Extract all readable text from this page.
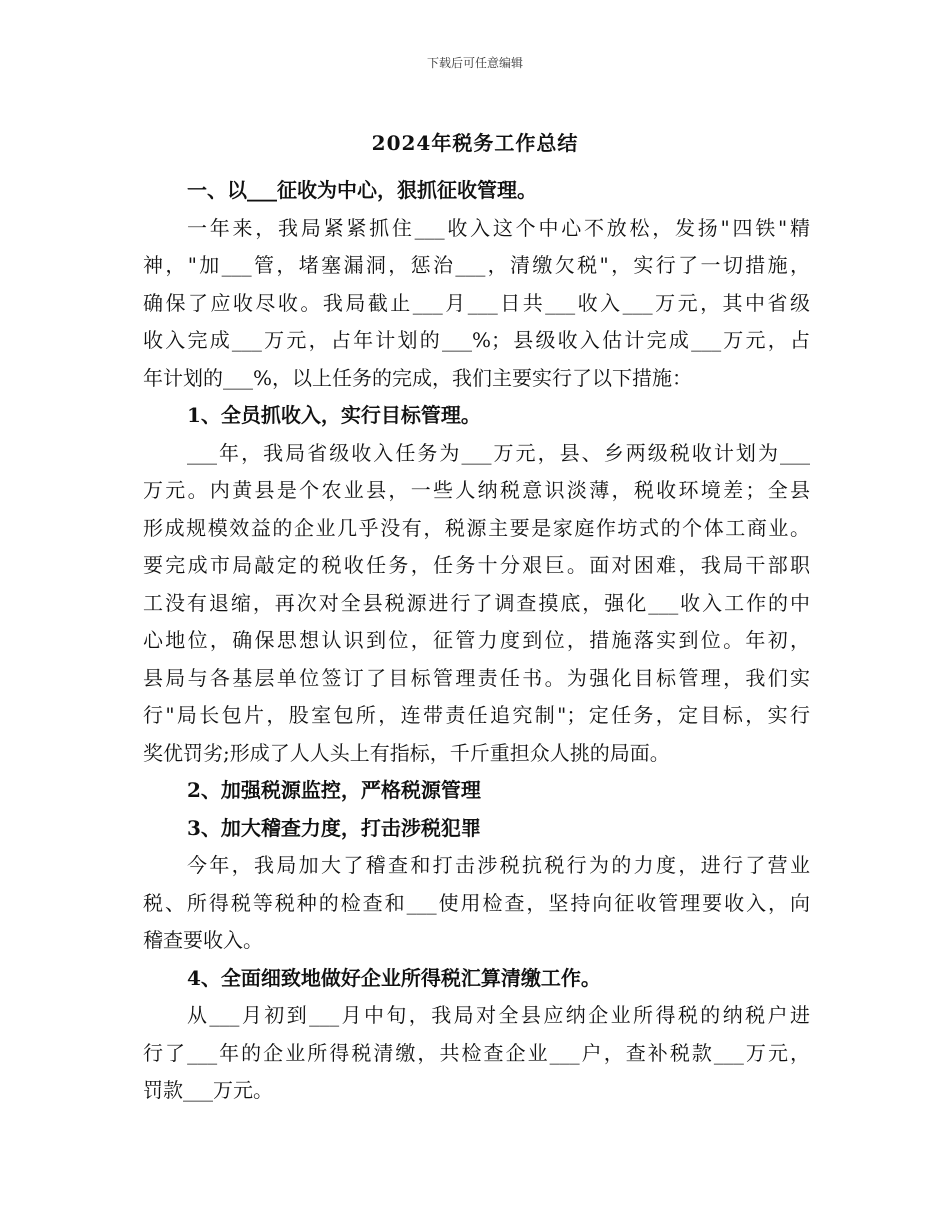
下载后可任意编辑
2024年税务工作总结
一、以___征收为中心，狠抓征收管理。
一年来，我局紧紧抓住___收入这个中心不放松，发扬"四铁"精
神，"加___管，堵塞漏洞，惩治___，清缴欠税"，实行了一切措施，
确保了应收尽收。我局截止___月___日共___收入___万元，其中省级
收入完成___万元，占年计划的___%；县级收入估计完成___万元，占
年计划的___%，以上任务的完成，我们主要实行了以下措施：
1、全员抓收入，实行目标管理。
___年，我局省级收入任务为___万元，县、乡两级税收计划为___
万元。内黄县是个农业县，一些人纳税意识淡薄，税收环境差；全县
形成规模效益的企业几乎没有，税源主要是家庭作坊式的个体工商业。
要完成市局敲定的税收任务，任务十分艰巨。面对困难，我局干部职
工没有退缩，再次对全县税源进行了调查摸底，强化___收入工作的中
心地位，确保思想认识到位，征管力度到位，措施落实到位。年初，
县局与各基层单位签订了目标管理责任书。为强化目标管理，我们实
行"局长包片，股室包所，连带责任追究制"；定任务，定目标，实行
奖优罚劣;形成了人人头上有指标，千斤重担众人挑的局面。
2、加强税源监控，严格税源管理
3、加大稽查力度，打击涉税犯罪
今年，我局加大了稽查和打击涉税抗税行为的力度，进行了营业
税、所得税等税种的检查和___使用检查，坚持向征收管理要收入，向
稽查要收入。
4、全面细致地做好企业所得税汇算清缴工作。
从___月初到___月中旬，我局对全县应纳企业所得税的纳税户进
行了___年的企业所得税清缴，共检查企业___户，查补税款___万元，
罚款___万元。
